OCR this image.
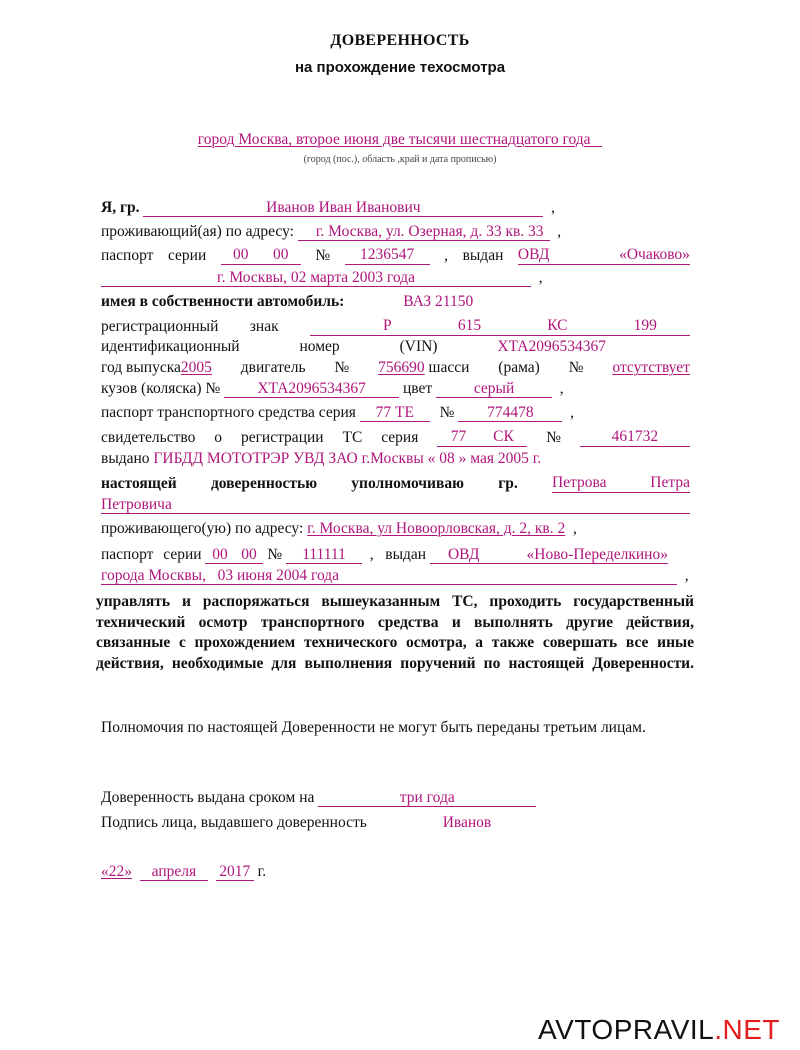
ДОВЕРЕННОСТЬ
на прохождение техосмотра
город Москва, второе июня две тысячи шестнадцатого года
(город (пос.), область ,край и дата прописью)
Я, гр.	Иванов Иван Иванович	,
проживающий(ая) по адресу: г. Москва, ул. Озерная, д. 33 кв. 33  ,
паспорт серии 00 00 №	1236547	, выдан ОВД	«Очаково»
г. Москвы, 02 марта 2003 года	,
имея в собственности автомобиль:	ВАЗ 21150
регистрационный знак	Р	615	КС	199
идентификационный	номер	(VIN)	ХТА2096534367
год выпуска2005 двигатель № 756690 шасси (рама) № отсутствует
кузов (коляска) № ХТА2096534367 цвет	серый	,
паспорт транспортного средства серия 77 ТЕ № 774478  ,
свидетельство о регистрации ТС серия 77 СК №	461732
выдано ГИБДД МОТОТРЭР УВД ЗАО г.Москвы « 08 » мая 2005 г.
настоящей доверенностью уполномочиваю гр. Петрова	Петра
Петровича
проживающего(ую) по адресу: г. Москва, ул Новоорловская, д. 2, кв. 2  ,
паспорт серии 00 00 № 111111  ,   выдан ОВД	«Ново-Переделкино»
города Москвы, 03 июня 2004 года	,
управлять и распоряжаться вышеуказанным ТС, проходить государственный технический осмотр транспортного средства и выполнять другие действия, связанные с прохождением технического осмотра, а также совершать все иные действия, необходимые для выполнения поручений по настоящей Доверенности.
Полномочия по настоящей Доверенности не могут быть переданы третьим лицам.
Доверенность выдана сроком на	три года
Подпись лица, выдавшего доверенность	Иванов
«22» апреля 2017 г.
AVTOPRAVIL.NET
